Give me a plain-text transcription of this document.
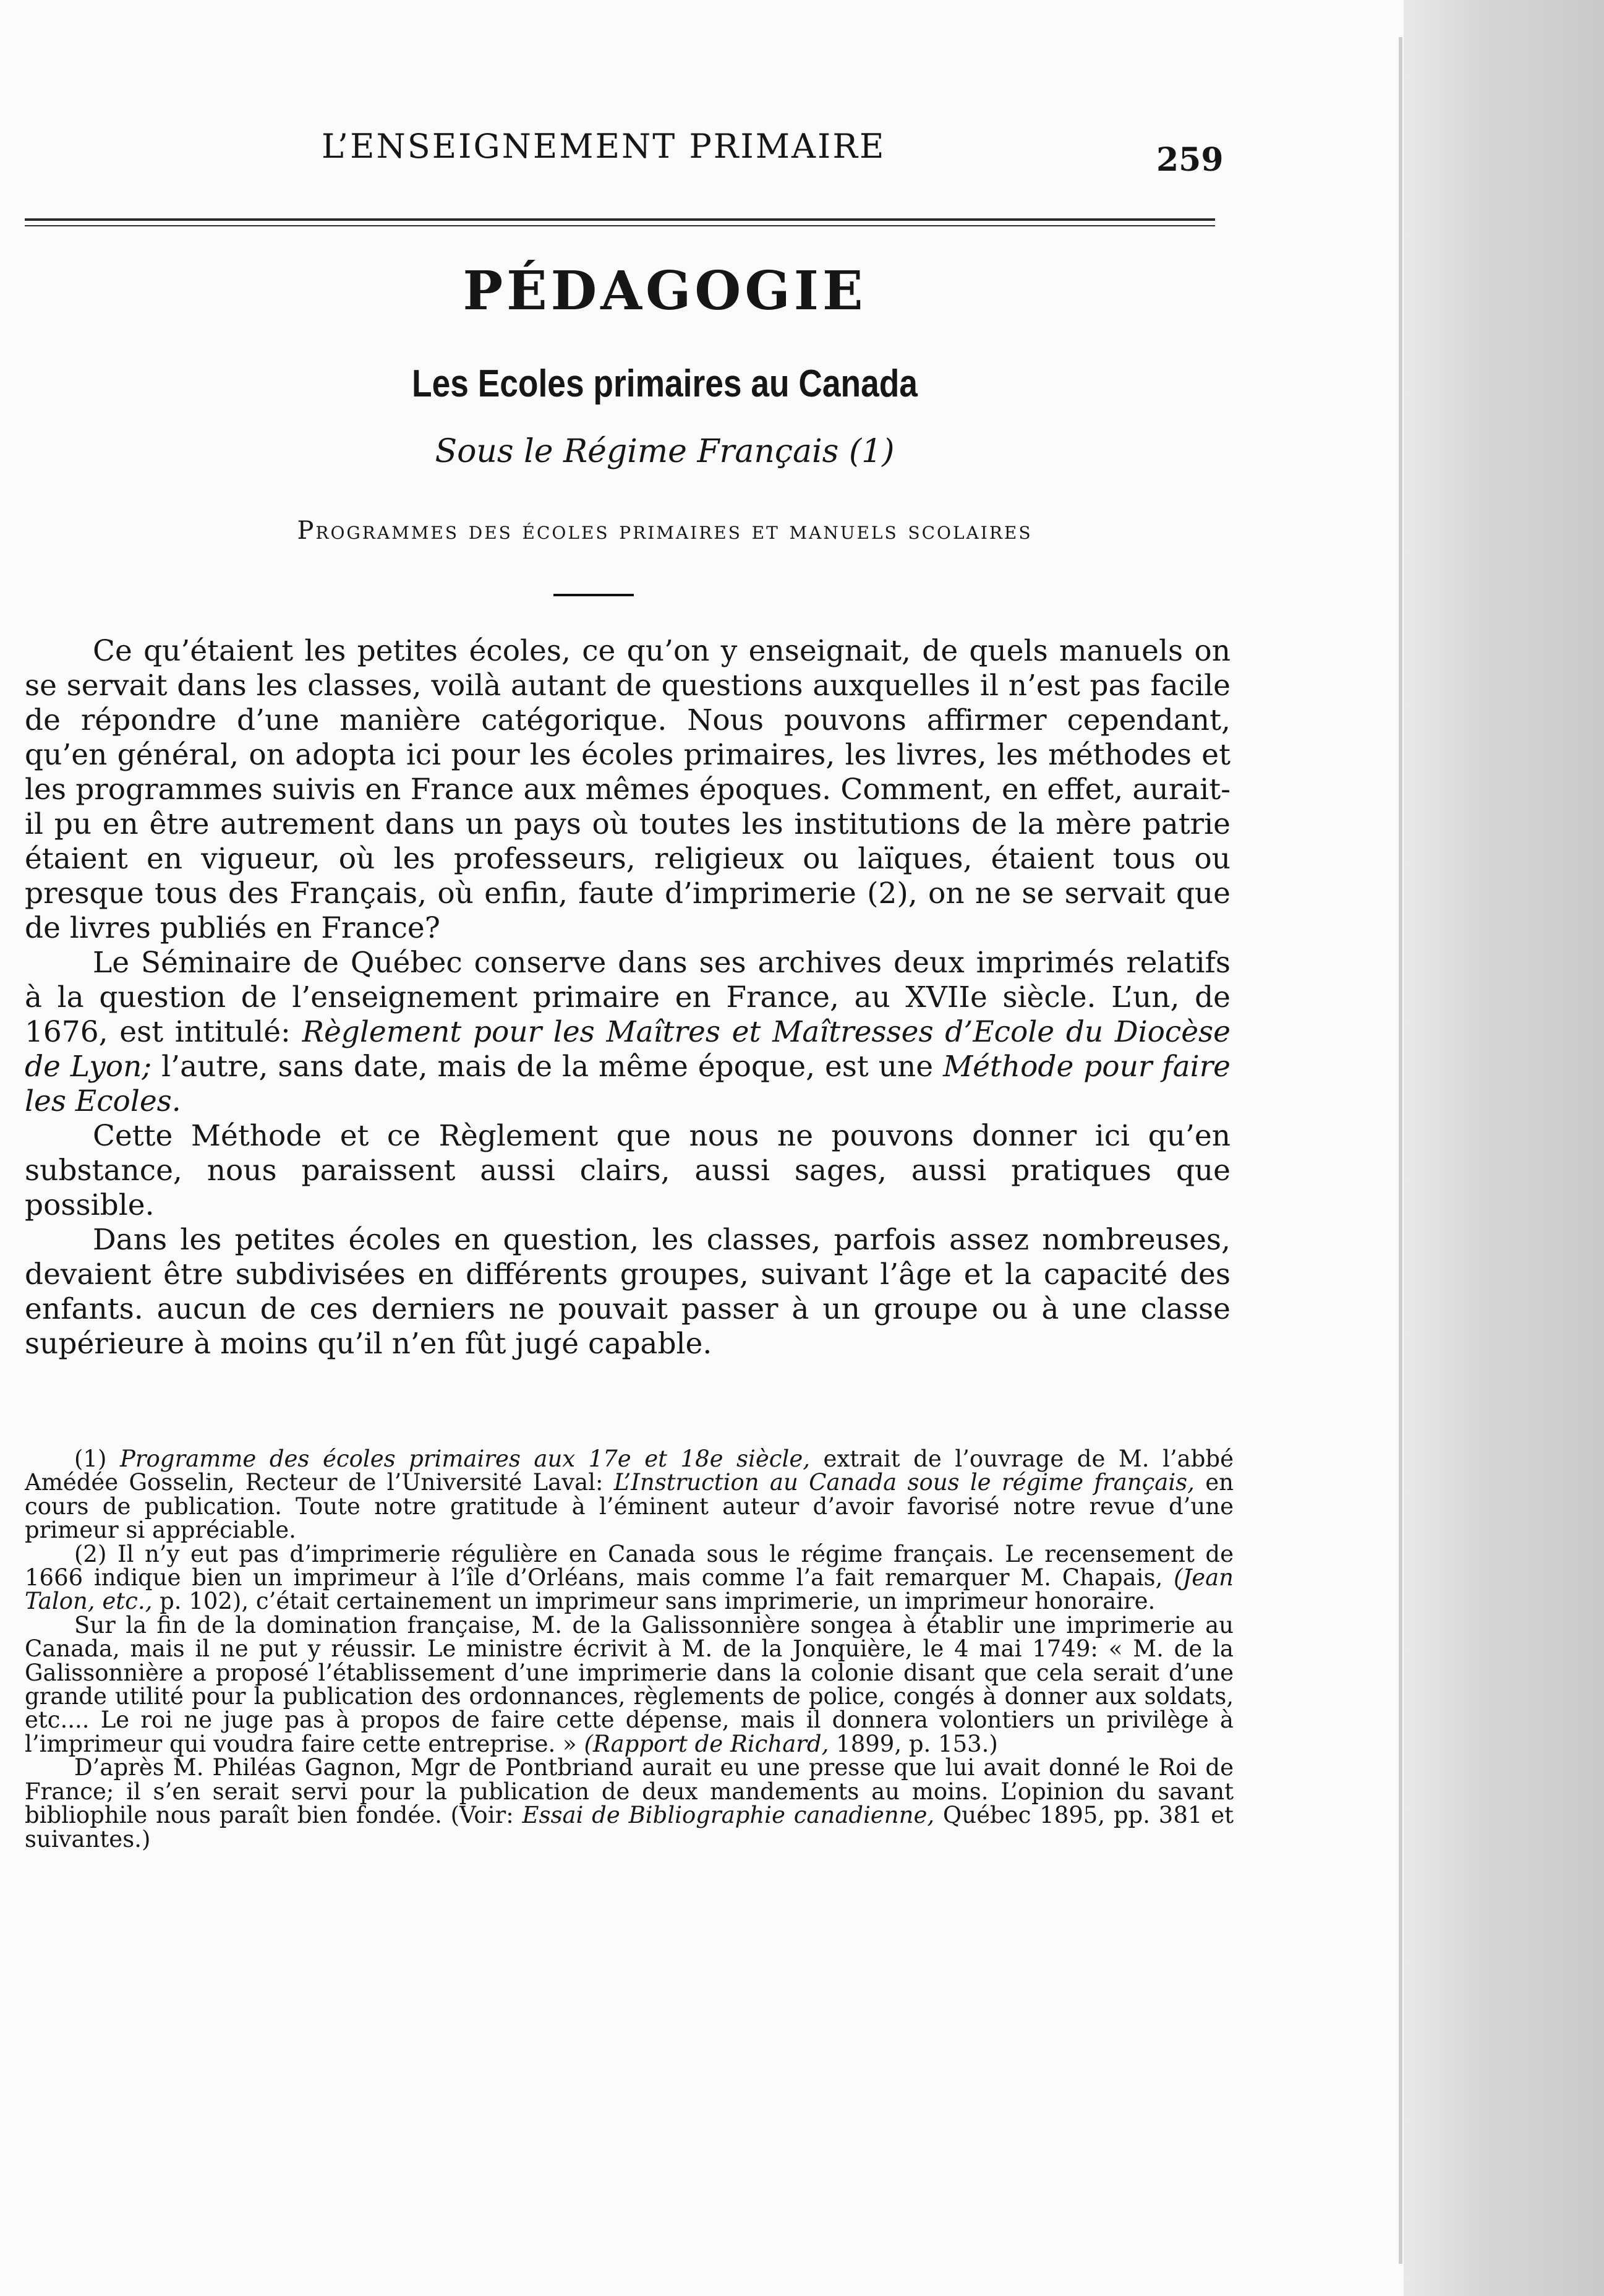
L’ENSEIGNEMENT PRIMAIRE	259
PÉDAGOGIE
Les Ecoles primaires au Canada
Sous le Régime Français (1)
Programmes des écoles primaires et manuels scolaires

Ce qu’étaient les petites écoles, ce qu’on y enseignait, de quels manuels on se servait dans les classes, voilà autant de questions auxquelles il n’est pas facile de répondre d’une manière catégorique. Nous pouvons affirmer cependant, qu’en général, on adopta ici pour les écoles primaires, les livres, les méthodes et les programmes suivis en France aux mêmes époques. Comment, en effet, aurait-il pu en être autrement dans un pays où toutes les institutions de la mère patrie étaient en vigueur, où les professeurs, religieux ou laïques, étaient tous ou presque tous des Français, où enfin, faute d’imprimerie (2), on ne se servait que de livres publiés en France?

Le Séminaire de Québec conserve dans ses archives deux imprimés relatifs à la question de l’enseignement primaire en France, au XVIIe siècle. L’un, de 1676, est intitulé: Règlement pour les Maîtres et Maîtresses d’Ecole du Diocèse de Lyon; l’autre, sans date, mais de la même époque, est une Méthode pour faire les Ecoles.

Cette Méthode et ce Règlement que nous ne pouvons donner ici qu’en substance, nous paraissent aussi clairs, aussi sages, aussi pratiques que possible.

Dans les petites écoles en question, les classes, parfois assez nombreuses, devaient être subdivisées en différents groupes, suivant l’âge et la capacité des enfants. aucun de ces derniers ne pouvait passer à un groupe ou à une classe supérieure à moins qu’il n’en fût jugé capable.

(1) Programme des écoles primaires aux 17e et 18e siècle, extrait de l’ouvrage de M. l’abbé Amédée Gosselin, Recteur de l’Université Laval: L’Instruction au Canada sous le régime français, en cours de publication. Toute notre gratitude à l’éminent auteur d’avoir favorisé notre revue d’une primeur si appréciable.

(2) Il n’y eut pas d’imprimerie régulière en Canada sous le régime français. Le recensement de 1666 indique bien un imprimeur à l’île d’Orléans, mais comme l’a fait remarquer M. Chapais, (Jean Talon, etc., p. 102), c’était certainement un imprimeur sans imprimerie, un imprimeur honoraire.

Sur la fin de la domination française, M. de la Galissonnière songea à établir une imprimerie au Canada, mais il ne put y réussir. Le ministre écrivit à M. de la Jonquière, le 4 mai 1749: « M. de la Galissonnière a proposé l’établissement d’une imprimerie dans la colonie disant que cela serait d’une grande utilité pour la publication des ordonnances, règlements de police, congés à donner aux soldats, etc.... Le roi ne juge pas à propos de faire cette dépense, mais il donnera volontiers un privilège à l’imprimeur qui voudra faire cette entreprise. » (Rapport de Richard, 1899, p. 153.)

D’après M. Philéas Gagnon, Mgr de Pontbriand aurait eu une presse que lui avait donné le Roi de France; il s’en serait servi pour la publication de deux mandements au moins. L’opinion du savant bibliophile nous paraît bien fondée. (Voir: Essai de Bibliographie canadienne, Québec 1895, pp. 381 et suivantes.)
